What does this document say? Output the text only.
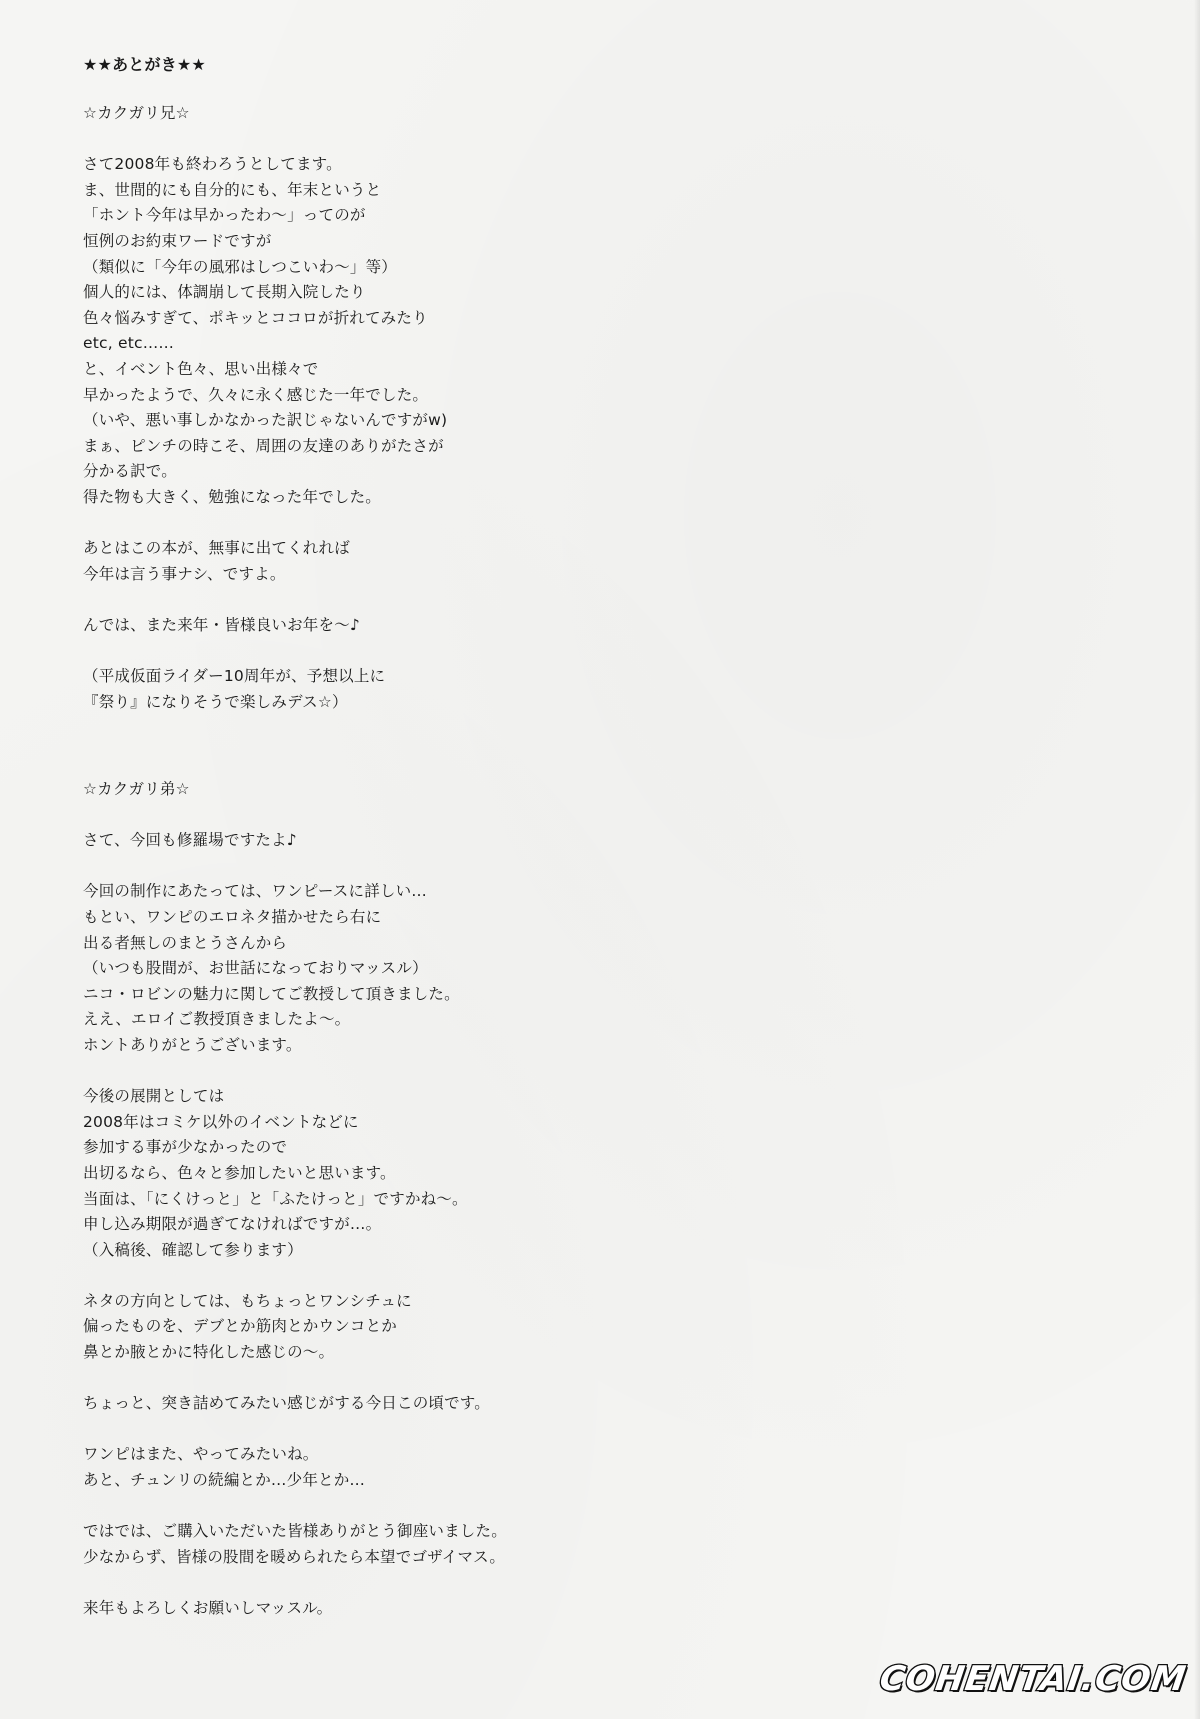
★★あとがき★★
☆カクガリ兄☆
さて2008年も終わろうとしてます。
ま、世間的にも自分的にも、年末というと
「ホント今年は早かったわ～」ってのが
恒例のお約束ワードですが
（類似に「今年の風邪はしつこいわ～」等）
個人的には、体調崩して長期入院したり
色々悩みすぎて、ポキッとココロが折れてみたり
etc, etc……
と、イベント色々、思い出様々で
早かったようで、久々に永く感じた一年でした。
（いや、悪い事しかなかった訳じゃないんですがw)
まぁ、ピンチの時こそ、周囲の友達のありがたさが
分かる訳で。
得た物も大きく、勉強になった年でした。
あとはこの本が、無事に出てくれれば
今年は言う事ナシ、ですよ。
んでは、また来年・皆様良いお年を～♪
（平成仮面ライダー10周年が、予想以上に
『祭り』になりそうで楽しみデス☆）
☆カクガリ弟☆
さて、今回も修羅場ですたよ♪
今回の制作にあたっては、ワンピースに詳しい…
もとい、ワンピのエロネタ描かせたら右に
出る者無しのまとうさんから
（いつも股間が、お世話になっておりマッスル）
ニコ・ロビンの魅力に関してご教授して頂きました。
ええ、エロイご教授頂きましたよ～。
ホントありがとうございます。
今後の展開としては
2008年はコミケ以外のイベントなどに
参加する事が少なかったので
出切るなら、色々と参加したいと思います。
当面は、「にくけっと」と「ふたけっと」ですかね～。
申し込み期限が過ぎてなければですが…。
（入稿後、確認して参ります）
ネタの方向としては、もちょっとワンシチュに
偏ったものを、デブとか筋肉とかウンコとか
鼻とか腋とかに特化した感じの～。
ちょっと、突き詰めてみたい感じがする今日この頃です。
ワンピはまた、やってみたいね。
あと、チュンリの続編とか…少年とか…
ではでは、ご購入いただいた皆様ありがとう御座いました。
少なからず、皆様の股間を暖められたら本望でゴザイマス。
来年もよろしくお願いしマッスル。
COHENTAI.COM
